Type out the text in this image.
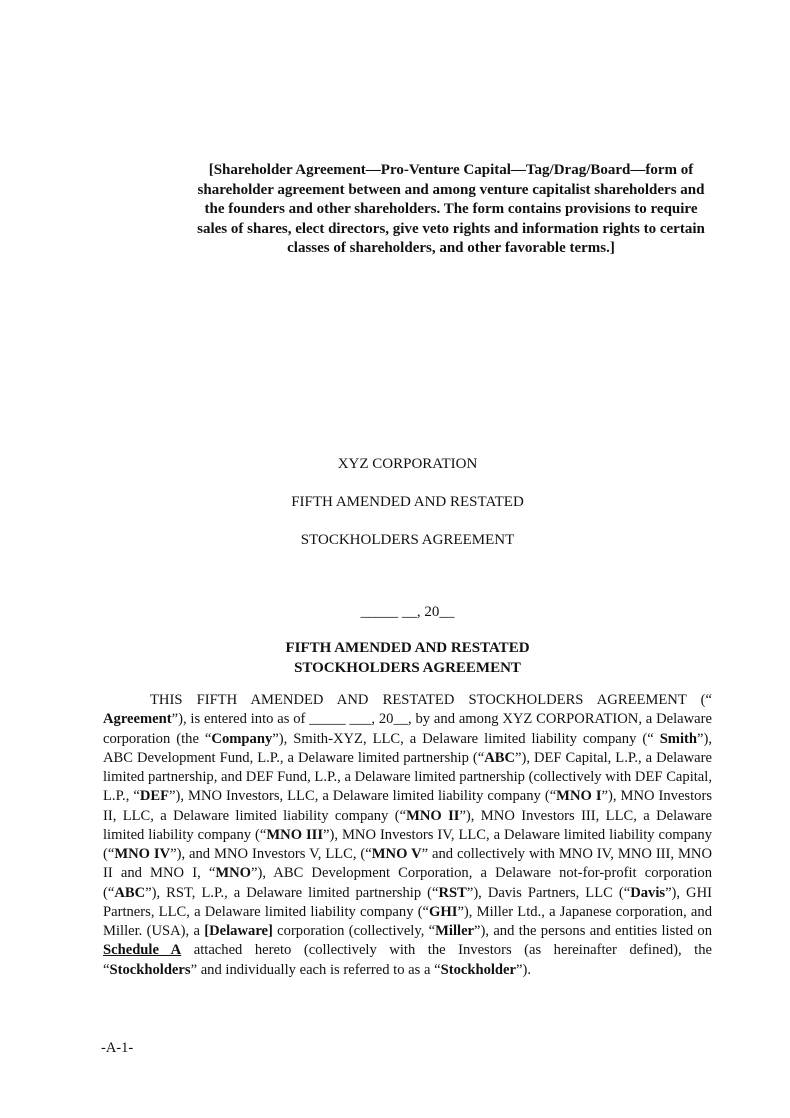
[Shareholder Agreement—Pro-Venture Capital—Tag/Drag/Board—form of shareholder agreement between and among venture capitalist shareholders and the founders and other shareholders. The form contains provisions to require sales of shares, elect directors, give veto rights and information rights to certain classes of shareholders, and other favorable terms.]
XYZ CORPORATION
FIFTH AMENDED AND RESTATED
STOCKHOLDERS AGREEMENT
_____ __, 20__
FIFTH AMENDED AND RESTATED
STOCKHOLDERS AGREEMENT
THIS FIFTH AMENDED AND RESTATED STOCKHOLDERS AGREEMENT (“ Agreement”), is entered into as of _____ ___, 20__, by and among XYZ CORPORATION, a Delaware corporation (the “Company”), Smith-XYZ, LLC, a Delaware limited liability company (“ Smith”), ABC Development Fund, L.P., a Delaware limited partnership (“ABC”), DEF Capital, L.P., a Delaware limited partnership, and DEF Fund, L.P., a Delaware limited partnership (collectively with DEF Capital, L.P., “DEF”), MNO Investors, LLC, a Delaware limited liability company (“MNO I”), MNO Investors II, LLC, a Delaware limited liability company (“MNO II”), MNO Investors III, LLC, a Delaware limited liability company (“MNO III”), MNO Investors IV, LLC, a Delaware limited liability company (“MNO IV”), and MNO Investors V, LLC, (“MNO V” and collectively with MNO IV, MNO III, MNO II and MNO I, “MNO”), ABC Development Corporation, a Delaware not-for-profit corporation (“ABC”), RST, L.P., a Delaware limited partnership (“RST”), Davis Partners, LLC (“Davis”), GHI Partners, LLC, a Delaware limited liability company (“GHI”), Miller Ltd., a Japanese corporation, and Miller. (USA), a [Delaware] corporation (collectively, “Miller”), and the persons and entities listed on Schedule A attached hereto (collectively with the Investors (as hereinafter defined), the “Stockholders” and individually each is referred to as a “Stockholder”).
-A-1-
